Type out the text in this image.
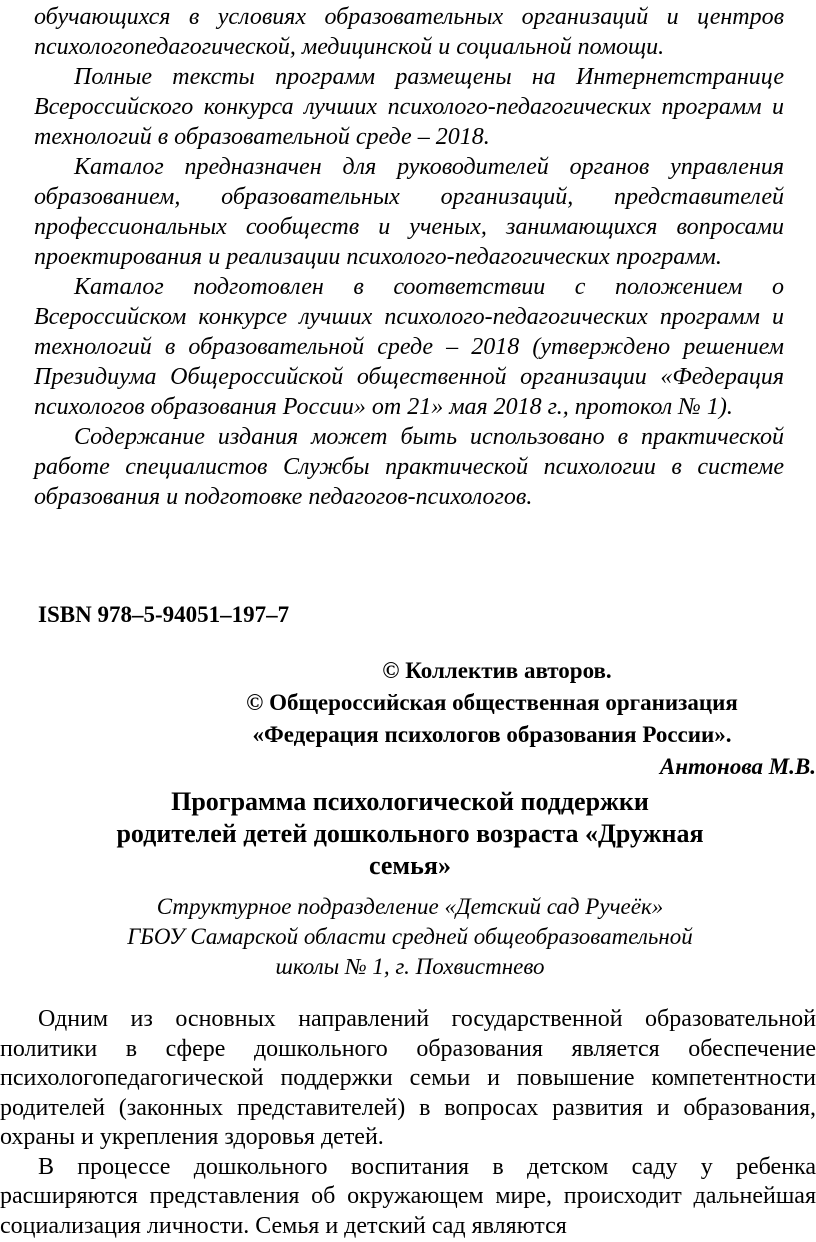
обучающихся в условиях образовательных организаций и центров психологопедагогической, медицинской и социальной помощи.

Полные тексты программ размещены на Интернетстранице Всероссийского конкурса лучших психолого-педагогических программ и технологий в образовательной среде – 2018.

Каталог предназначен для руководителей органов управления образованием, образовательных организаций, представителей профессиональных сообществ и ученых, занимающихся вопросами проектирования и реализации психолого-педагогических программ.

Каталог подготовлен в соответствии с положением о Всероссийском конкурсе лучших психолого-педагогических программ и технологий в образовательной среде – 2018 (утверждено решением Президиума Общероссийской общественной организации «Федерация психологов образования России» от 21» мая 2018 г., протокол № 1).

Содержание издания может быть использовано в практической работе специалистов Службы практической психологии в системе образования и подготовке педагогов-психологов.

ISBN 978–5-94051–197–7
© Коллектив авторов.
© Общероссийская общественная организация
«Федерация психологов образования России».
Антонова М.В.
Программа психологической поддержки
родителей детей дошкольного возраста «Дружная
семья»
Структурное подразделение «Детский сад Ручеёк»
ГБОУ Самарской области средней общеобразовательной
школы № 1, г. Похвистнево

Одним из основных направлений государственной образовательной политики в сфере дошкольного образования является обеспечение психологопедагогической поддержки семьи и повышение компетентности родителей (законных представителей) в вопросах развития и образования, охраны и укрепления здоровья детей.

В процессе дошкольного воспитания в детском саду у ребенка расширяются представления об окружающем мире, происходит дальнейшая социализация личности. Семья и детский сад являются
